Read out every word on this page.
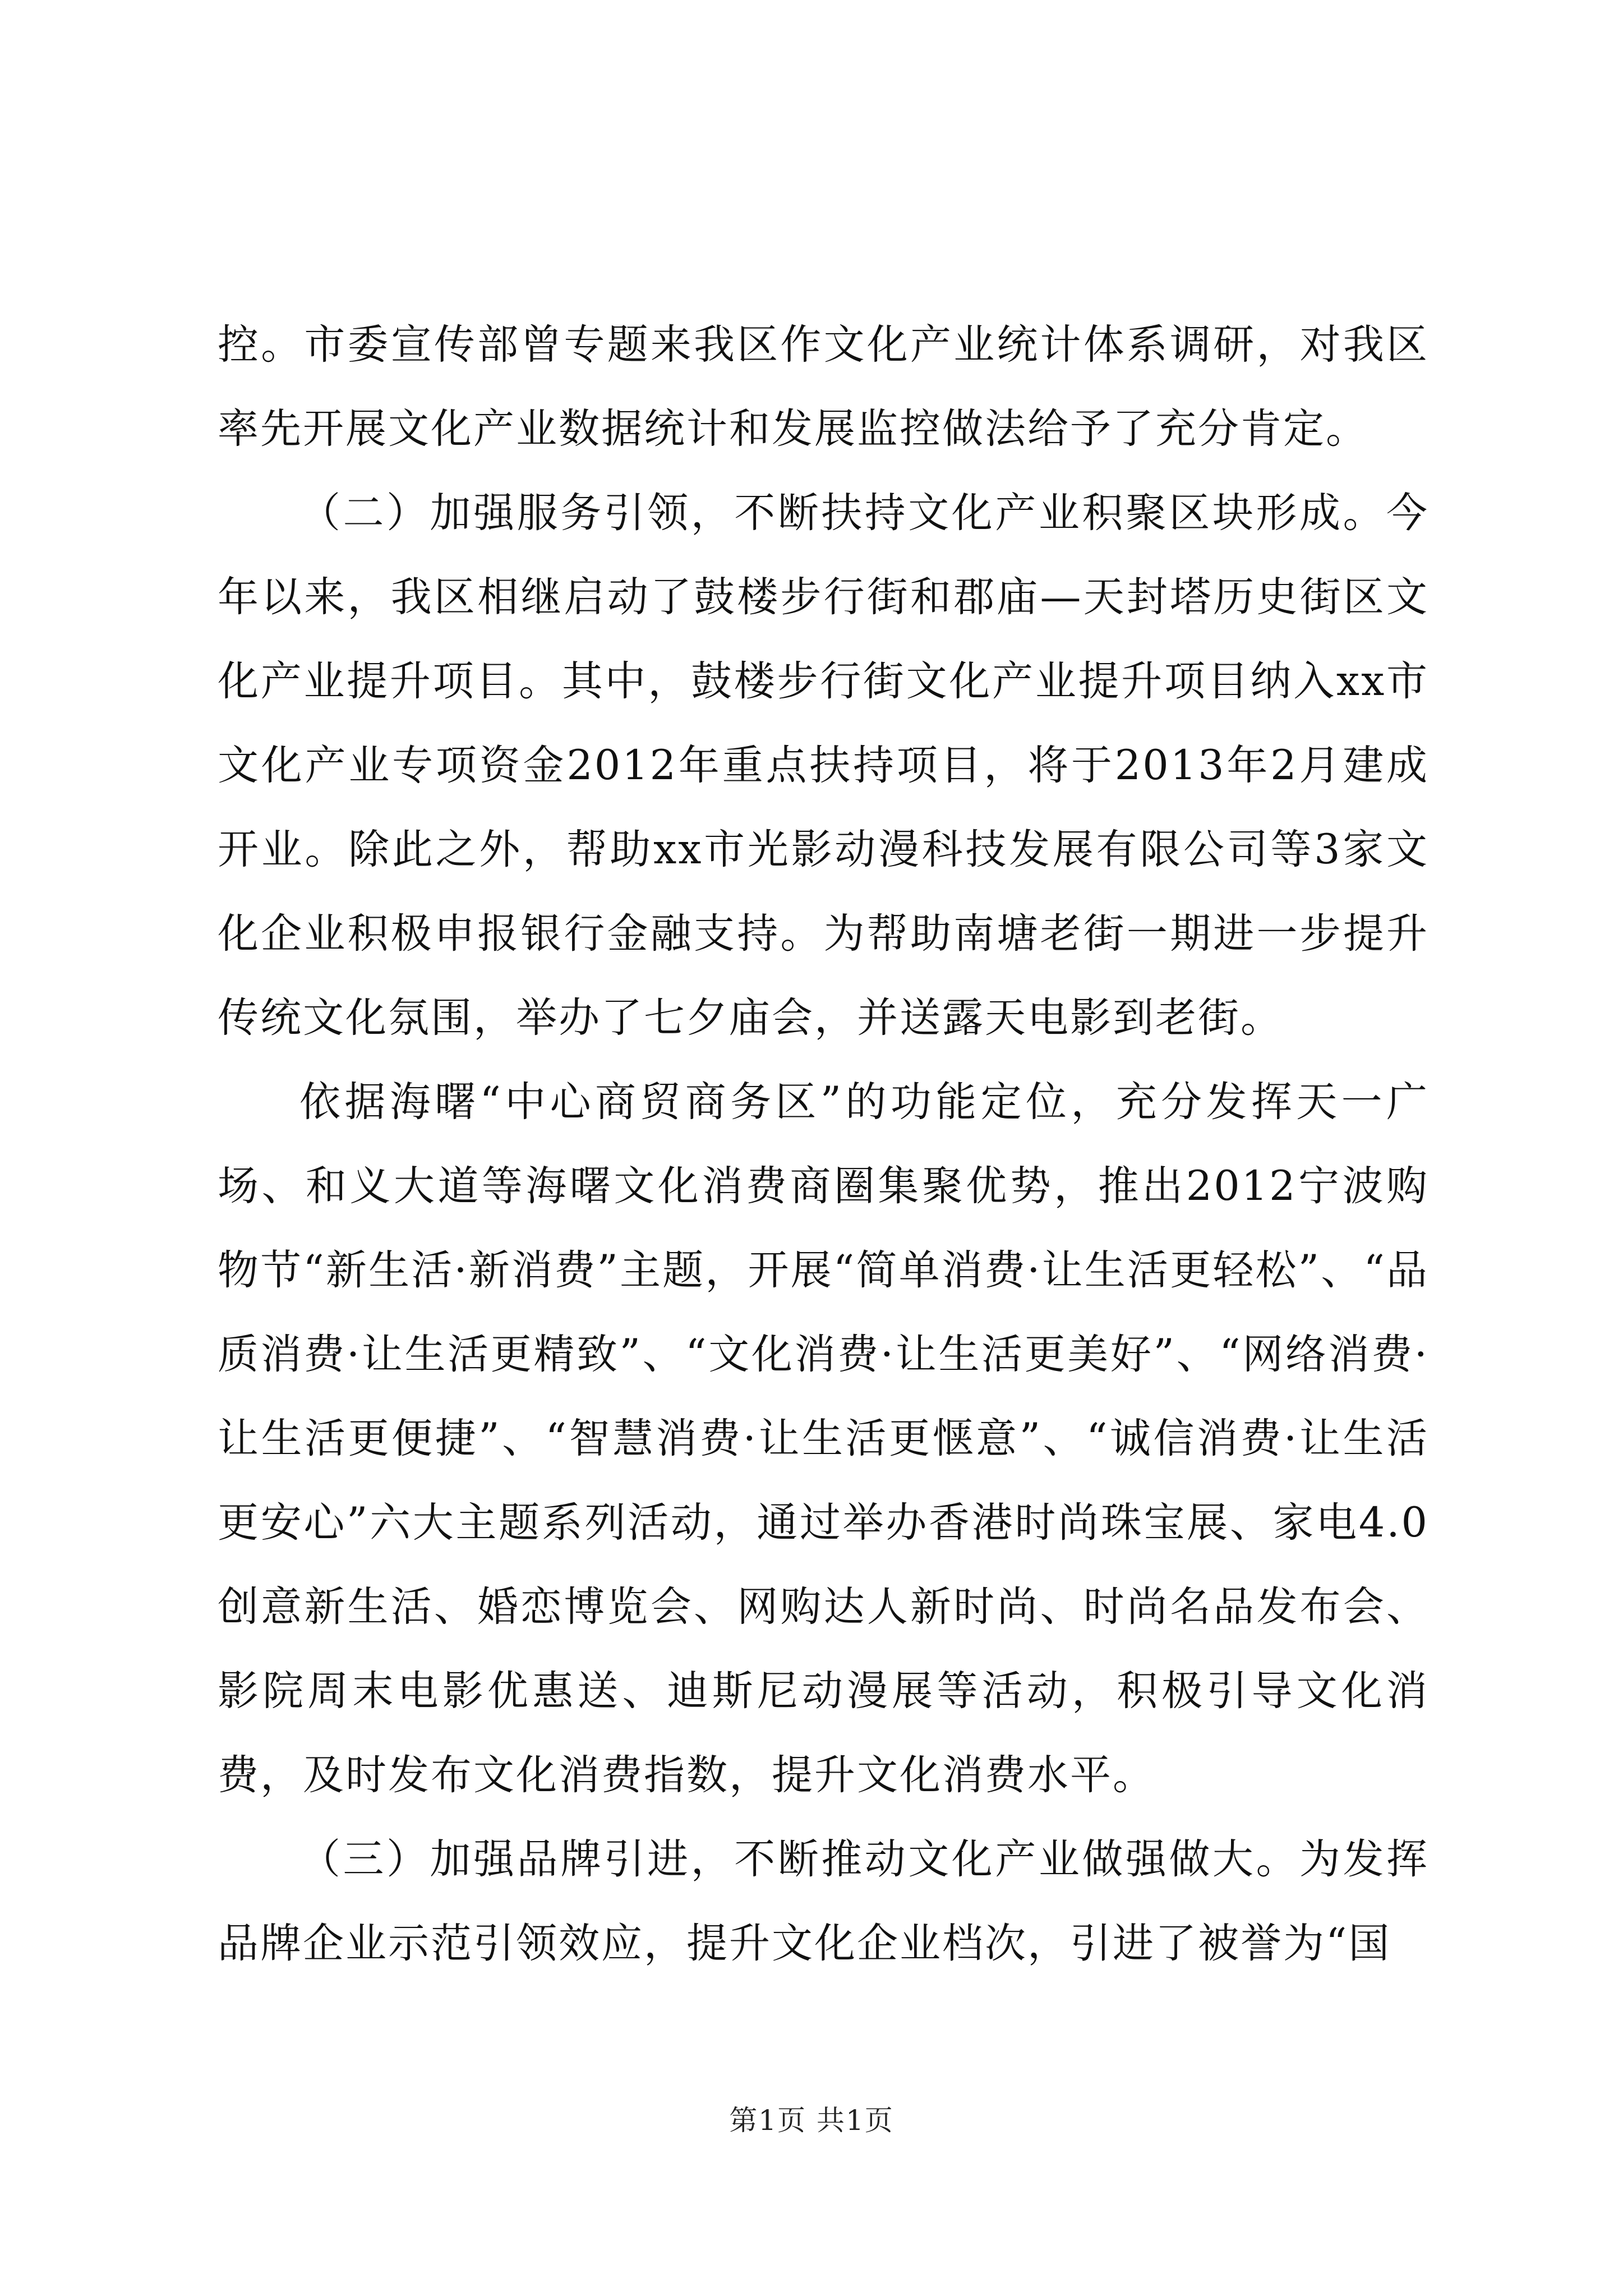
控。市委宣传部曾专题来我区作文化产业统计体系调研，对我区率先开展文化产业数据统计和发展监控做法给予了充分肯定。

（二）加强服务引领，不断扶持文化产业积聚区块形成。今年以来，我区相继启动了鼓楼步行街和郡庙—天封塔历史街区文化产业提升项目。其中，鼓楼步行街文化产业提升项目纳入xx市文化产业专项资金2012年重点扶持项目，将于2013年2月建成开业。除此之外，帮助xx市光影动漫科技发展有限公司等3家文化企业积极申报银行金融支持。为帮助南塘老街一期进一步提升传统文化氛围，举办了七夕庙会，并送露天电影到老街。

依据海曙“中心商贸商务区”的功能定位，充分发挥天一广场、和义大道等海曙文化消费商圈集聚优势，推出2012宁波购物节“新生活·新消费”主题，开展“简单消费·让生活更轻松”、“品质消费·让生活更精致”、“文化消费·让生活更美好”、“网络消费·让生活更便捷”、“智慧消费·让生活更惬意”、“诚信消费·让生活更安心”六大主题系列活动，通过举办香港时尚珠宝展、家电4.0创意新生活、婚恋博览会、网购达人新时尚、时尚名品发布会、影院周末电影优惠送、迪斯尼动漫展等活动，积极引导文化消费，及时发布文化消费指数，提升文化消费水平。

（三）加强品牌引进，不断推动文化产业做强做大。为发挥品牌企业示范引领效应，提升文化企业档次，引进了被誉为“国

第1页 共1页
